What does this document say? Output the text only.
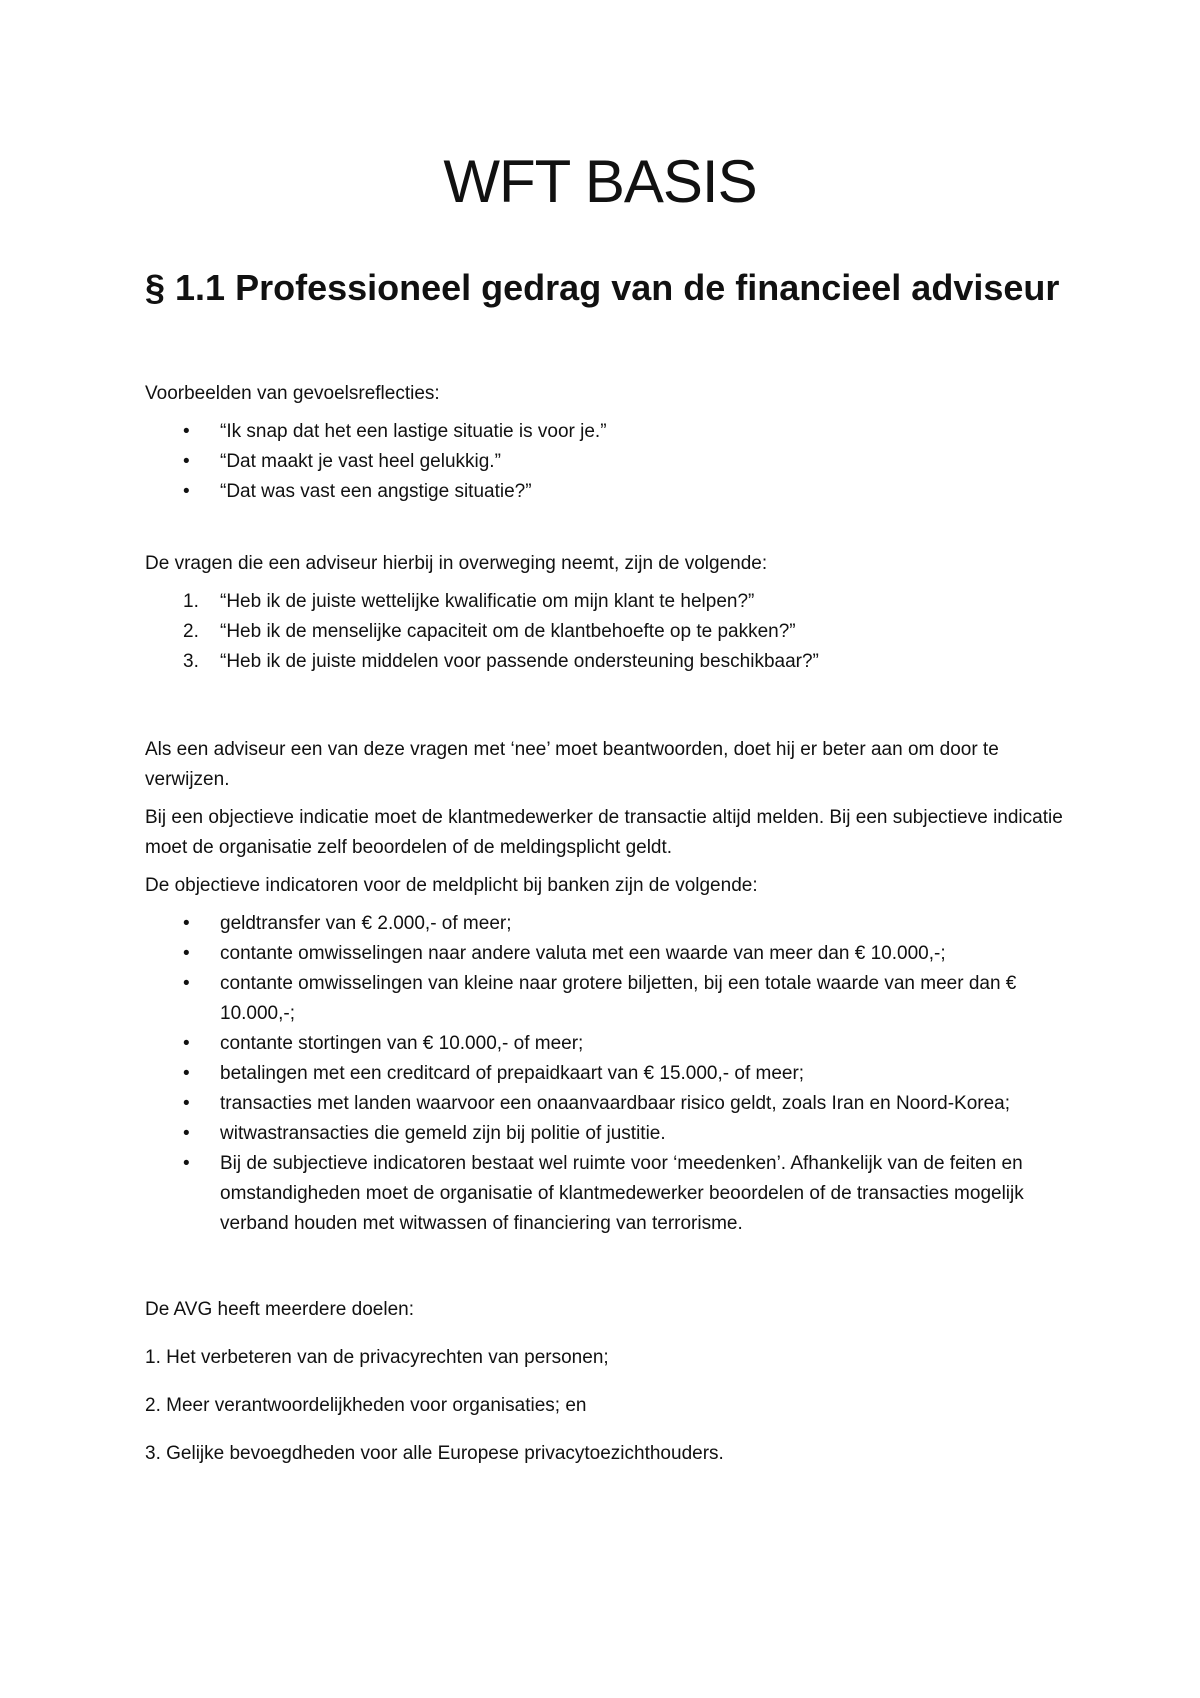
WFT BASIS
§ 1.1 Professioneel gedrag van de financieel adviseur

Voorbeelden van gevoelsreflecties:

• “Ik snap dat het een lastige situatie is voor je.”
• “Dat maakt je vast heel gelukkig.”
• “Dat was vast een angstige situatie?”

De vragen die een adviseur hierbij in overweging neemt, zijn de volgende:

1. “Heb ik de juiste wettelijke kwalificatie om mijn klant te helpen?”
2. “Heb ik de menselijke capaciteit om de klantbehoefte op te pakken?”
3. “Heb ik de juiste middelen voor passende ondersteuning beschikbaar?”

Als een adviseur een van deze vragen met ‘nee’ moet beantwoorden, doet hij er beter aan om door te verwijzen.

Bij een objectieve indicatie moet de klantmedewerker de transactie altijd melden. Bij een subjectieve indicatie moet de organisatie zelf beoordelen of de meldingsplicht geldt.

De objectieve indicatoren voor de meldplicht bij banken zijn de volgende:

• geldtransfer van € 2.000,- of meer;
• contante omwisselingen naar andere valuta met een waarde van meer dan € 10.000,-;
• contante omwisselingen van kleine naar grotere biljetten, bij een totale waarde van meer dan € 10.000,-;
• contante stortingen van € 10.000,- of meer;
• betalingen met een creditcard of prepaidkaart van € 15.000,- of meer;
• transacties met landen waarvoor een onaanvaardbaar risico geldt, zoals Iran en Noord-Korea;
• witwastransacties die gemeld zijn bij politie of justitie.
• Bij de subjectieve indicatoren bestaat wel ruimte voor ‘meedenken’. Afhankelijk van de feiten en omstandigheden moet de organisatie of klantmedewerker beoordelen of de transacties mogelijk verband houden met witwassen of financiering van terrorisme.

De AVG heeft meerdere doelen:

1. Het verbeteren van de privacyrechten van personen;

2. Meer verantwoordelijkheden voor organisaties; en

3. Gelijke bevoegdheden voor alle Europese privacytoezichthouders.
